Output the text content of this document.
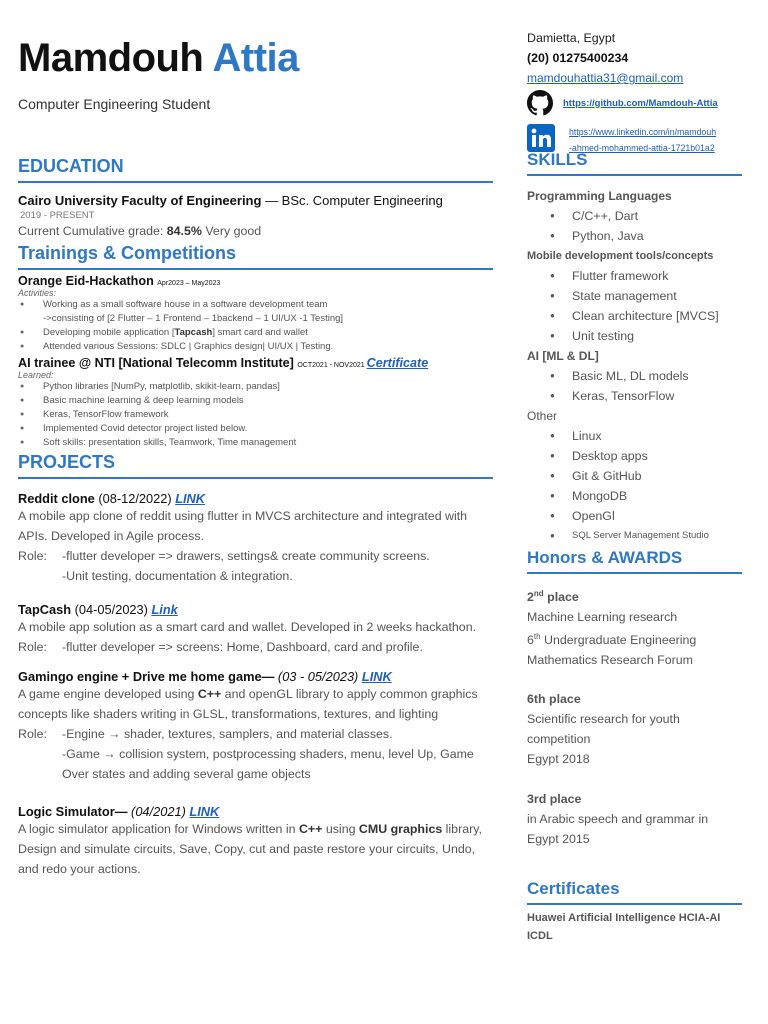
Mamdouh Attia
Computer Engineering Student
EDUCATION
Cairo University Faculty of Engineering — BSc. Computer Engineering
2019 - PRESENT
Current Cumulative grade: 84.5% Very good
Trainings & Competitions
Orange Eid-Hackathon Apr2023 – May2023
Activities:
● Working as a small software house in a software development team
->consisting of [2 Flutter – 1 Frontend – 1backend – 1 UI/UX -1 Testing]
● Developing mobile application [Tapcash] smart card and wallet
● Attended various Sessions: SDLC | Graphics design| UI/UX | Testing.
AI trainee @ NTI [National Telecomm Institute] OCT2021 - NOV2021 Certificate
Learned:
● Python libraries [NumPy, matplotlib, skikit-learn, pandas]
● Basic machine learning & deep learning models
● Keras, TensorFlow framework
● Implemented Covid detector project listed below.
● Soft skills: presentation skills, Teamwork, Time management
PROJECTS
Reddit clone (08-12/2022) LINK
A mobile app clone of reddit using flutter in MVCS architecture and integrated with APIs. Developed in Agile process.
Role:	-flutter developer => drawers, settings& create community screens.
-Unit testing, documentation & integration.
TapCash (04-05/2023) Link
A mobile app solution as a smart card and wallet. Developed in 2 weeks hackathon.
Role:	-flutter developer => screens: Home, Dashboard, card and profile.
Gamingo engine + Drive me home game— (03 - 05/2023) LINK
A game engine developed using C++ and openGL library to apply common graphics concepts like shaders writing in GLSL, transformations, textures, and lighting
Role:	-Engine → shader, textures, samplers, and material classes.
-Game → collision system, postprocessing shaders, menu, level Up, Game
Over states and adding several game objects
Logic Simulator— (04/2021) LINK
A logic simulator application for Windows written in C++ using CMU graphics library, Design and simulate circuits, Save, Copy, cut and paste restore your circuits, Undo, and redo your actions.
Damietta, Egypt
(20) 01275400234
mamdouhattia31@gmail.com
https://github.com/Mamdouh-Attia
https://www.linkedin.com/in/mamdouh
-ahmed-mohammed-attia-1721b01a2
SKILLS
Programming Languages
● C/C++, Dart
● Python, Java
Mobile development tools/concepts
● Flutter framework
● State management
● Clean architecture [MVCS]
● Unit testing
AI [ML & DL]
● Basic ML, DL models
● Keras, TensorFlow
Other
● Linux
● Desktop apps
● Git & GitHub
● MongoDB
● OpenGl
● SQL Server Management Studio
Honors & AWARDS
2nd place
Machine Learning research
6th Undergraduate Engineering
Mathematics Research Forum
6th place
Scientific research for youth competition
Egypt 2018
3rd place
in Arabic speech and grammar in Egypt 2015
Certificates
Huawei Artificial Intelligence HCIA-AI
ICDL
